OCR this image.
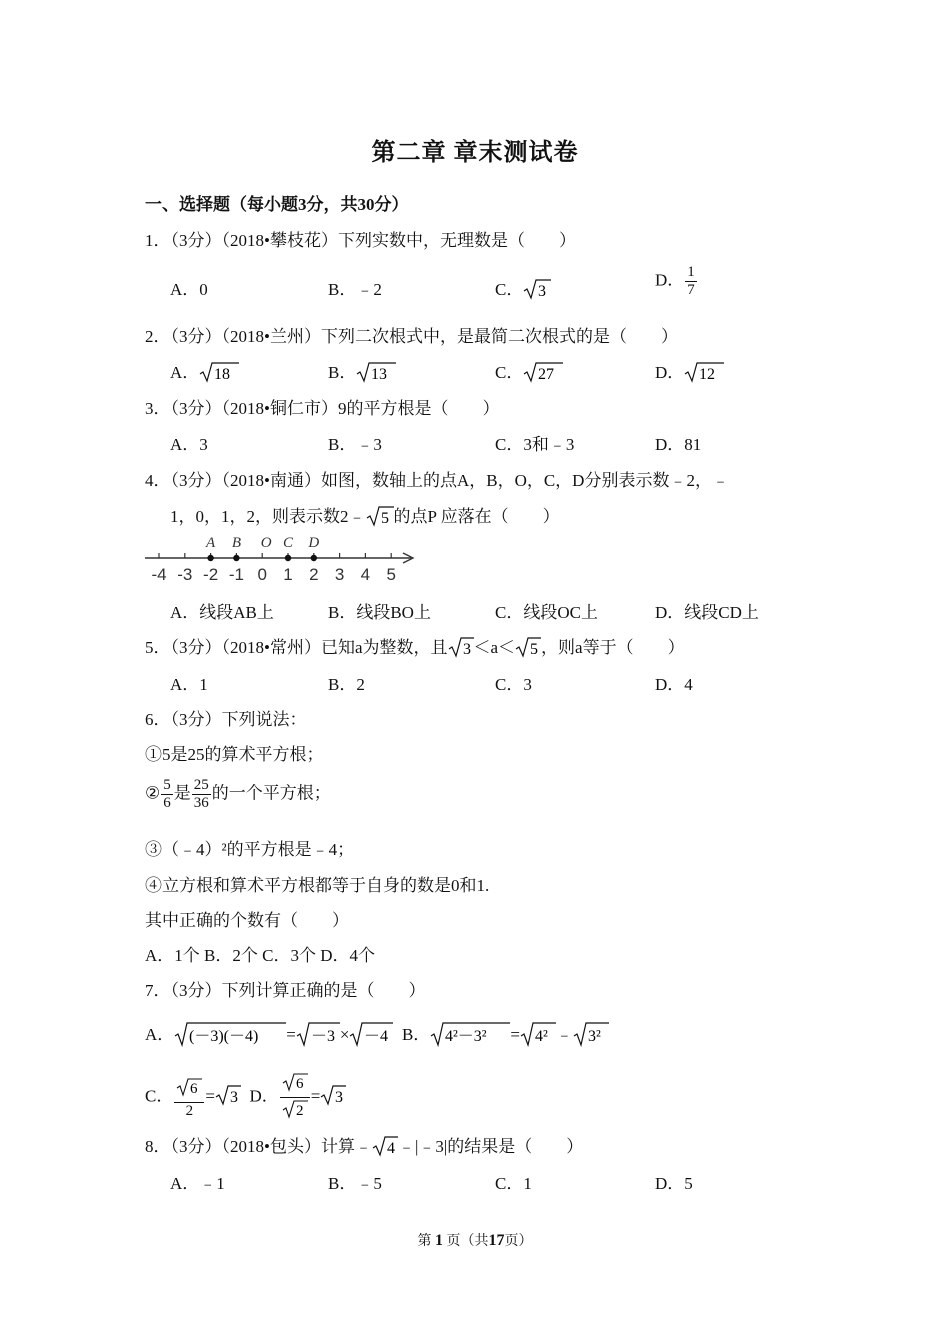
第二章 章末测试卷
一、选择题（每小题3分，共30分）
1．（3分）（2018•攀枝花）下列实数中，无理数是（　　）
A．0	B．﹣2	C． 3
D． $\frac{1}{7}$
2．（3分）（2018•兰州）下列二次根式中，是最简二次根式的是（　　）
A． 18	B． 13	C． 27	D． 12
3．（3分）（2018•铜仁市）9的平方根是（　　）
A．3	B．﹣3	C．3和﹣3	D．81
4．（3分）（2018•南通）如图，数轴上的点A，B，O，C，D分别表示数﹣2，﹣
1，0，1，2，则表示数2﹣ 5 的点P 应落在（　　）
-4 -3 -2 -1 0 1 2 3 4 5
A B O C D
A．线段AB上	B．线段BO上	C．线段OC上	D．线段CD上
5．（3分）（2018•常州）已知a为整数，且 3 ＜a＜ 5 ，则a等于（　　）
A．1	B．2	C．3	D．4
6．（3分）下列说法：
①5是25的算术平方根；
② $\frac{5}{6}$ 是 $\frac{25}{36}$ 的一个平方根；
③（﹣4）²的平方根是﹣4；
④立方根和算术平方根都等于自身的数是0和1.
其中正确的个数有（　　）
A．1个 B．2个 C．3个 D．4个
7．（3分）下列计算正确的是（　　）
A． (－3)(－4) = －3 × －4 B． 4²－3² = 4² ﹣ 3²
C． $\frac{6}{2} = 3$ D． $\frac{6}{2} = 3$
8．（3分）（2018•包头）计算﹣ 4 ﹣|﹣3|的结果是（　　）
A．﹣1	B．﹣5	C．1	D．5
第 1 页（共17页）
